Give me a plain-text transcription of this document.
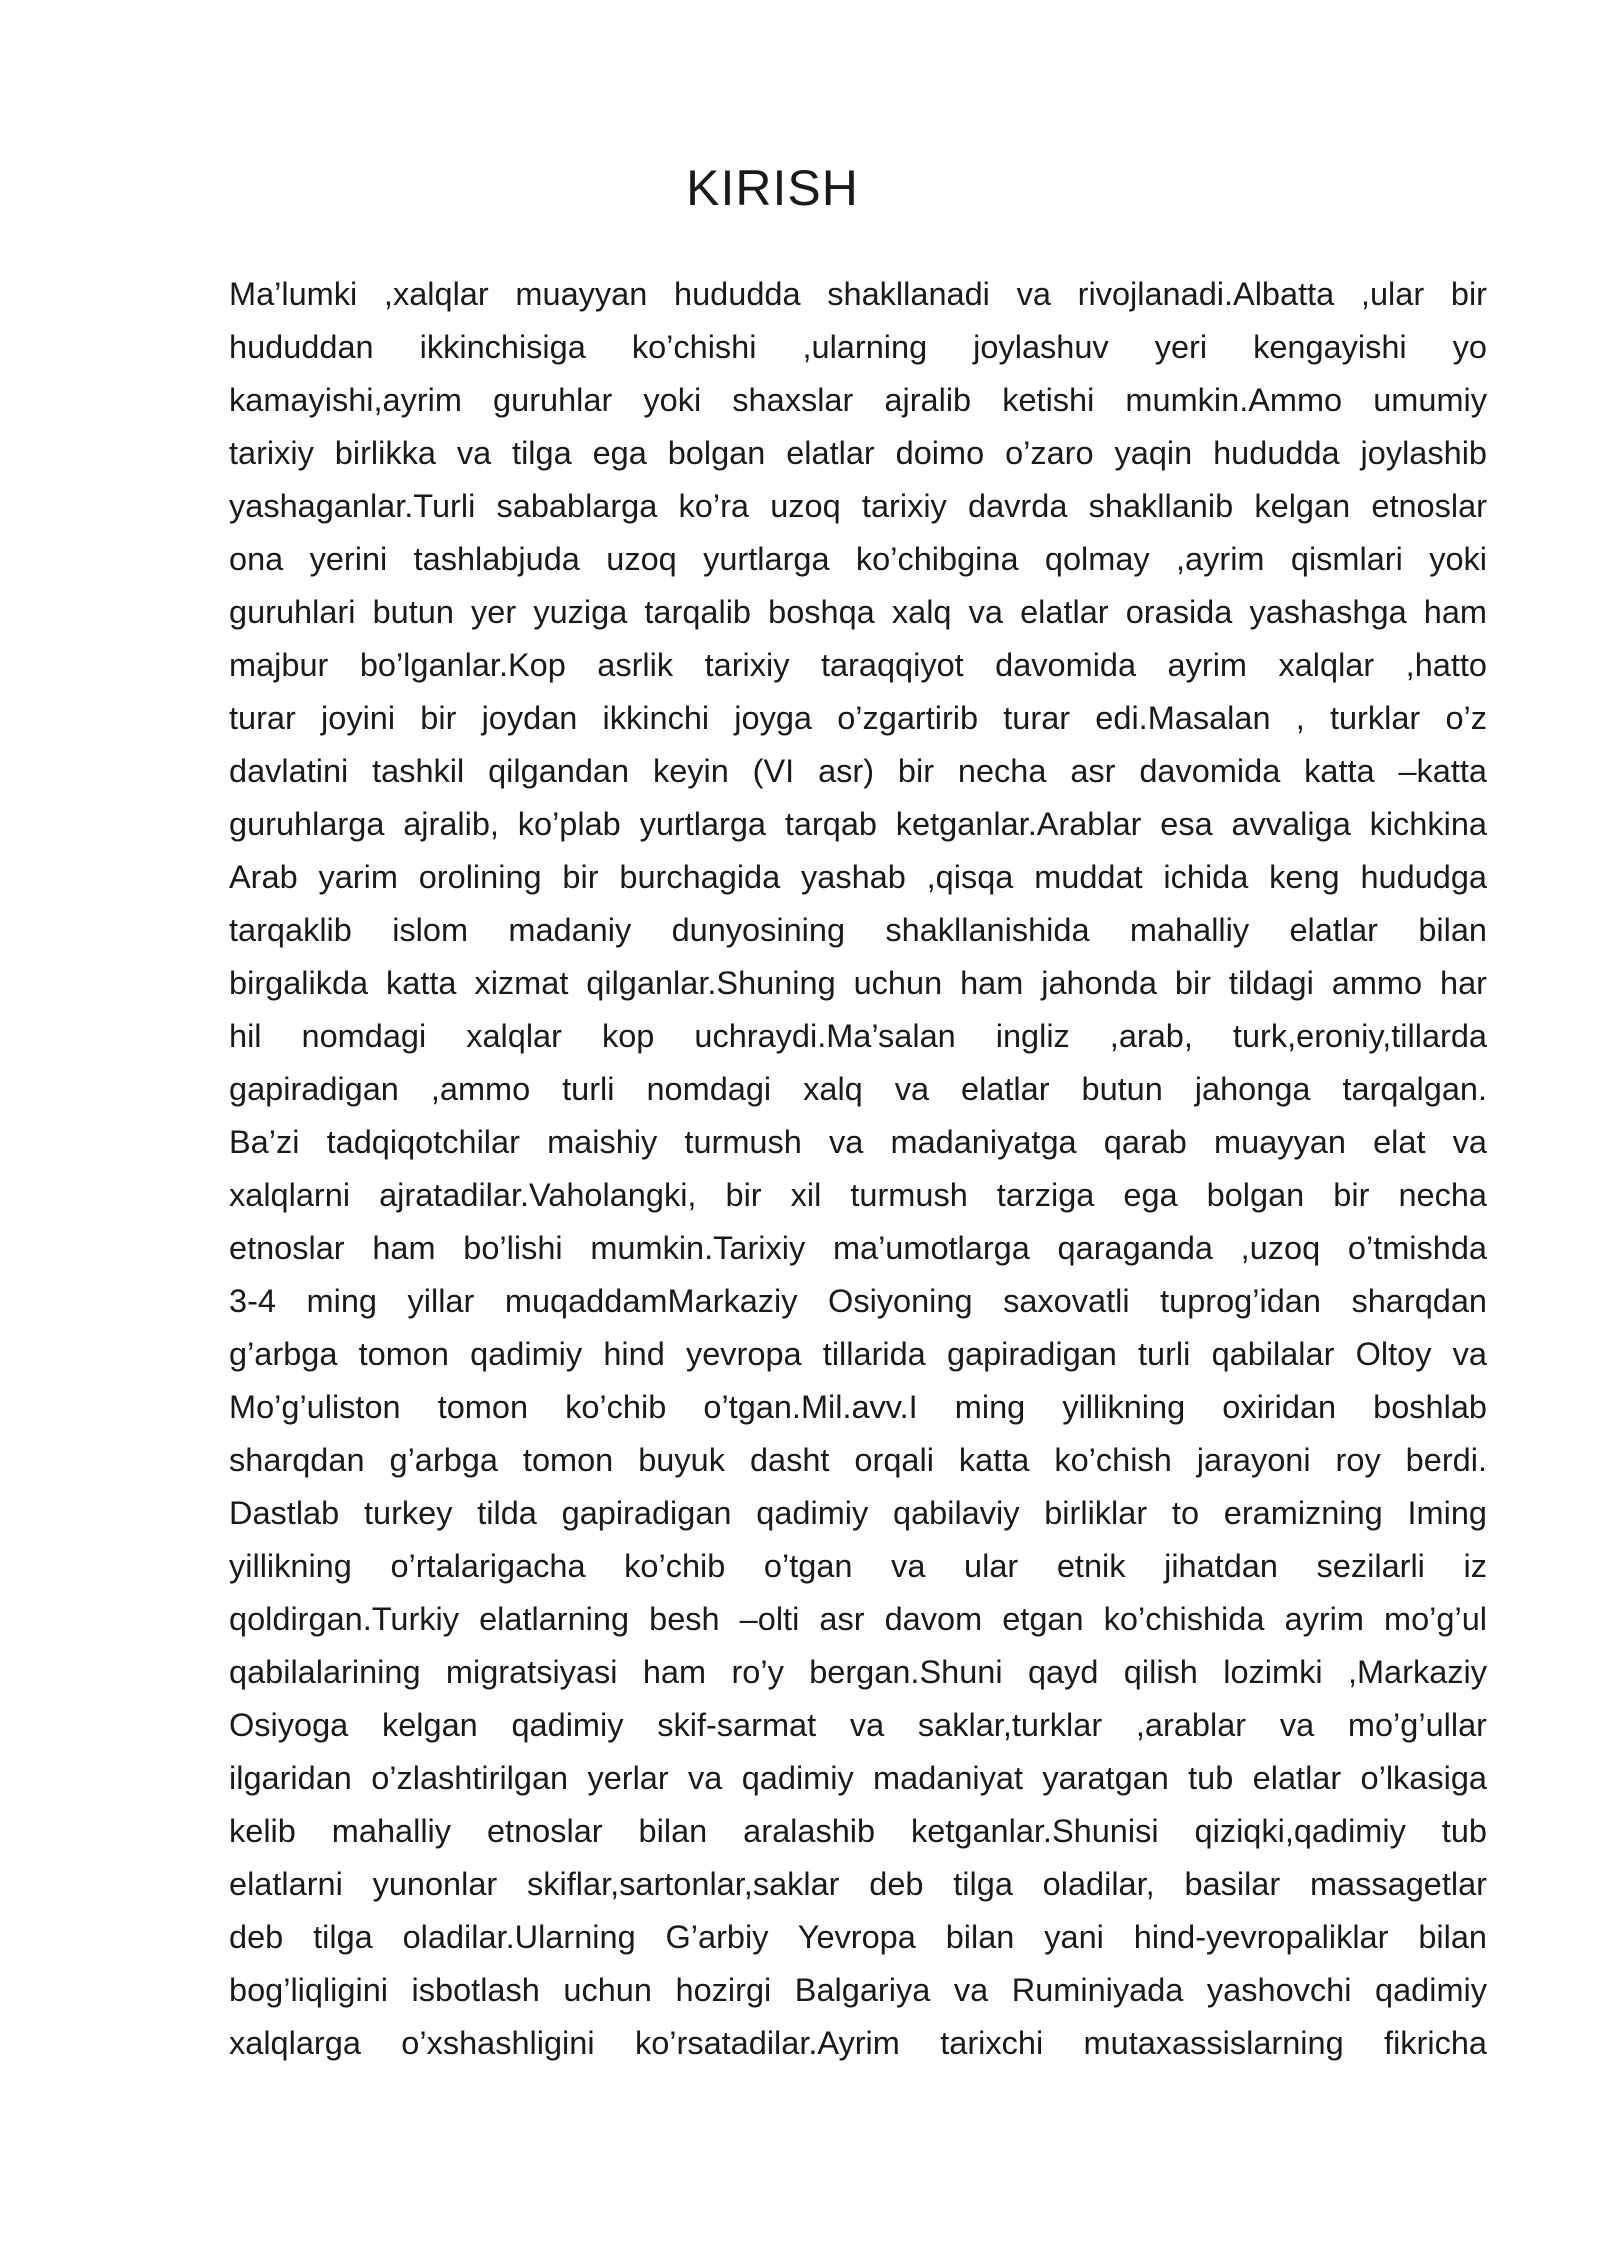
KIRISH
Ma’lumki ,xalqlar muayyan hududda shakllanadi va rivojlanadi.Albatta ,ular bir
hududdan ikkinchisiga ko’chishi ,ularning joylashuv yeri kengayishi yo
kamayishi,ayrim guruhlar yoki shaxslar ajralib ketishi mumkin.Ammo umumiy
tarixiy birlikka va tilga ega bolgan elatlar doimo o’zaro yaqin hududda joylashib
yashaganlar.Turli sabablarga ko’ra uzoq tarixiy davrda shakllanib kelgan etnoslar
ona yerini tashlabjuda uzoq yurtlarga ko’chibgina qolmay ,ayrim qismlari yoki
guruhlari butun yer yuziga tarqalib boshqa xalq va elatlar orasida yashashga ham
majbur bo’lganlar.Kop asrlik tarixiy taraqqiyot davomida ayrim xalqlar ,hatto
turar joyini bir joydan ikkinchi joyga o’zgartirib turar edi.Masalan , turklar o’z
davlatini tashkil qilgandan keyin (VI asr) bir necha asr davomida katta –katta
guruhlarga ajralib, ko’plab yurtlarga tarqab ketganlar.Arablar esa avvaliga kichkina
Arab yarim orolining bir burchagida yashab ,qisqa muddat ichida keng hududga
tarqaklib islom madaniy dunyosining shakllanishida mahalliy elatlar bilan
birgalikda katta xizmat qilganlar.Shuning uchun ham jahonda bir tildagi ammo har
hil nomdagi xalqlar kop uchraydi.Ma’salan ingliz ,arab, turk,eroniy,tillarda
gapiradigan ,ammo turli nomdagi xalq va elatlar butun jahonga tarqalgan.
Ba’zi tadqiqotchilar maishiy turmush va madaniyatga qarab muayyan elat va
xalqlarni ajratadilar.Vaholangki, bir xil turmush tarziga ega bolgan bir necha
etnoslar ham bo’lishi mumkin.Tarixiy ma’umotlarga qaraganda ,uzoq o’tmishda
3-4 ming yillar muqaddamMarkaziy Osiyoning saxovatli tuprog’idan sharqdan
g’arbga tomon qadimiy hind yevropa tillarida gapiradigan turli qabilalar Oltoy va
Mo’g’uliston tomon ko’chib o’tgan.Mil.avv.I ming yillikning oxiridan boshlab
sharqdan g’arbga tomon buyuk dasht orqali katta ko’chish jarayoni roy berdi.
Dastlab turkey tilda gapiradigan qadimiy qabilaviy birliklar to eramizning Iming
yillikning o’rtalarigacha ko’chib o’tgan va ular etnik jihatdan sezilarli iz
qoldirgan.Turkiy elatlarning besh –olti asr davom etgan ko’chishida ayrim mo’g’ul
qabilalarining migratsiyasi ham ro’y bergan.Shuni qayd qilish lozimki ,Markaziy
Osiyoga kelgan qadimiy skif-sarmat va saklar,turklar ,arablar va mo’g’ullar
ilgaridan o’zlashtirilgan yerlar va qadimiy madaniyat yaratgan tub elatlar o’lkasiga
kelib mahalliy etnoslar bilan aralashib ketganlar.Shunisi qiziqki,qadimiy tub
elatlarni yunonlar skiflar,sartonlar,saklar deb tilga oladilar, basilar massagetlar
deb tilga oladilar.Ularning G’arbiy Yevropa bilan yani hind-yevropaliklar bilan
bog’liqligini isbotlash uchun hozirgi Balgariya va Ruminiyada yashovchi qadimiy
xalqlarga o’xshashligini ko’rsatadilar.Ayrim tarixchi mutaxassislarning fikricha
